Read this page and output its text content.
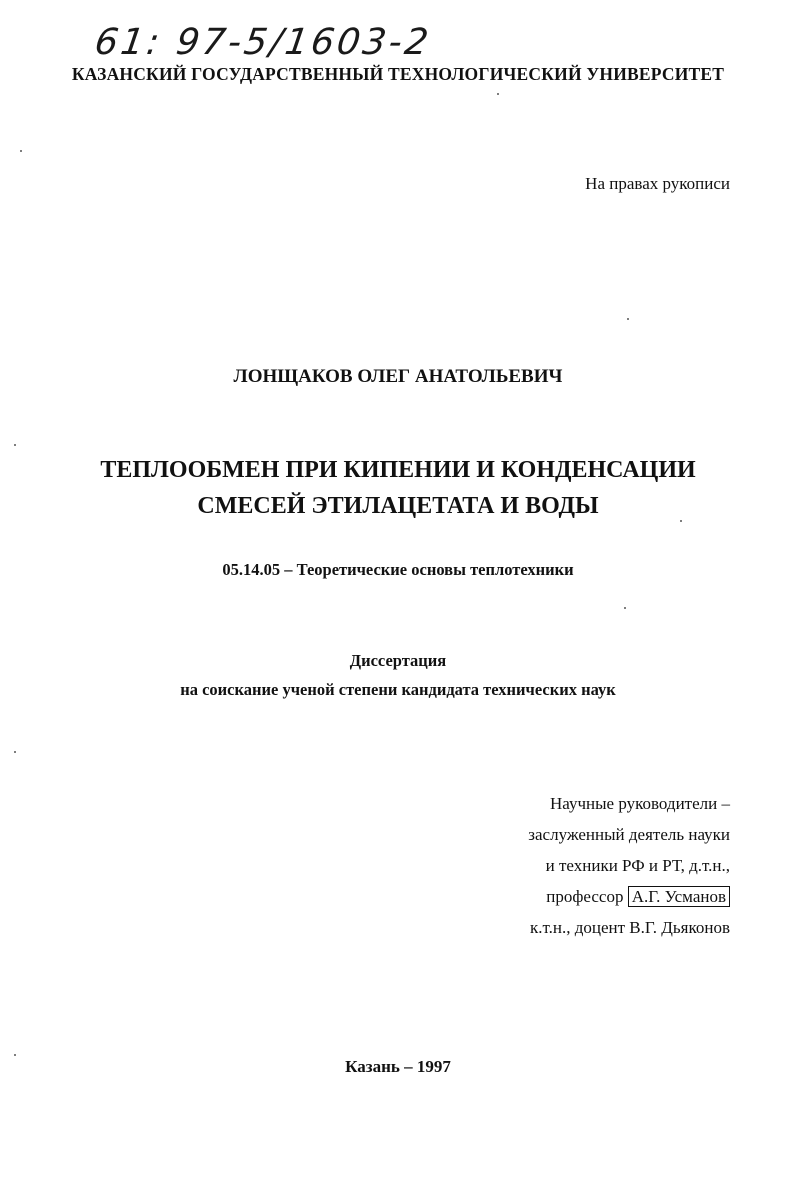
61: 97-5/1603-2
КАЗАНСКИЙ ГОСУДАРСТВЕННЫЙ ТЕХНОЛОГИЧЕСКИЙ УНИВЕРСИТЕТ
На правах рукописи
ЛОНЩАКОВ ОЛЕГ АНАТОЛЬЕВИЧ
ТЕПЛООБМЕН ПРИ КИПЕНИИ И КОНДЕНСАЦИИ
СМЕСЕЙ ЭТИЛАЦЕТАТА И ВОДЫ
05.14.05 – Теоретические основы теплотехники
Диссертация
на соискание ученой степени кандидата технических наук
Научные руководители –
заслуженный деятель науки
и техники РФ и РТ, д.т.н.,
профессор А.Г. Усманов
к.т.н., доцент В.Г. Дьяконов
Казань – 1997
